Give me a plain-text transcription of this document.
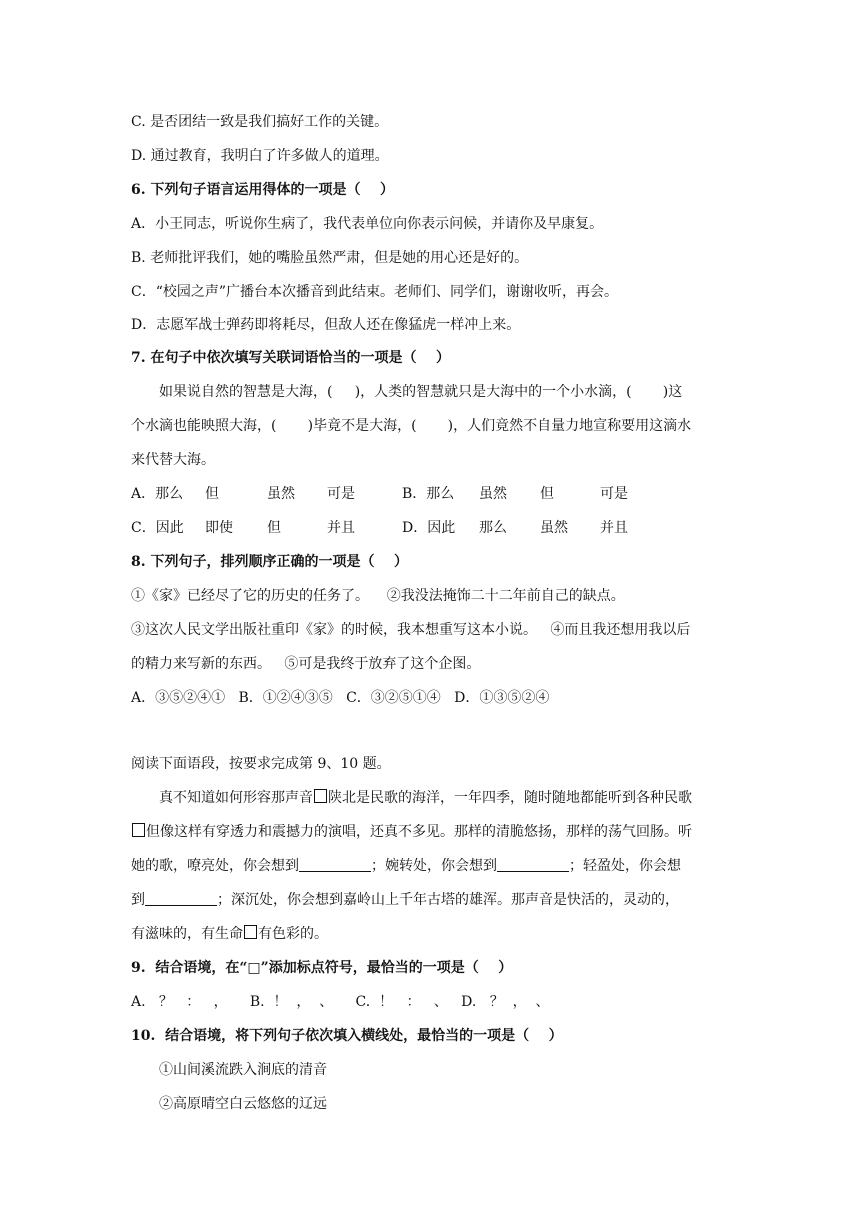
C. 是否团结一致是我们搞好工作的关键。
D. 通过教育，我明白了许多做人的道理。
6. 下列句子语言运用得体的一项是（    ）
A．小王同志，听说你生病了，我代表单位向你表示问候，并请你及早康复。
B. 老师批评我们，她的嘴脸虽然严肃，但是她的用心还是好的。
C．“校园之声”广播台本次播音到此结束。老师们、同学们，谢谢收听，再会。
D．志愿军战士弹药即将耗尽，但敌人还在像猛虎一样冲上来。
7. 在句子中依次填写关联词语恰当的一项是（    ）
如果说自然的智慧是大海，(     )，人类的智慧就只是大海中的一个小水滴，(       )这
个水滴也能映照大海，(       )毕竟不是大海，(       )，人们竟然不自量力地宣称要用这滴水
来代替大海。
A．那么 但	虽然 可是	B．那么 虽然 但	可是
C．因此 即使 但	并且	D．因此 那么 虽然 并且
8. 下列句子，排列顺序正确的一项是（    ）
①《家》已经尽了它的历史的任务了。    ②我没法掩饰二十二年前自己的缺点。
③这次人民文学出版社重印《家》的时候，我本想重写这本小说。   ④而且我还想用我以后
的精力来写新的东西。   ⑤可是我终于放弃了这个企图。
A．③⑤②④①   B．①②④③⑤   C．③②⑤①④   D．①③⑤②④
阅读下面语段，按要求完成第 9、10 题。
真不知道如何形容那声音 陕北是民歌的海洋，一年四季，随时随地都能听到各种民歌
但像这样有穿透力和震撼力的演唱，还真不多见。那样的清脆悠扬，那样的荡气回肠。听
她的歌，嘹亮处，你会想到	；婉转处，你会想到	；轻盈处，你会想
到	；深沉处，你会想到嘉岭山上千年古塔的雄浑。那声音是快活的，灵动的，
有滋味的，有生命 有色彩的。
9.  结合语境，在“□”添加标点符号，最恰当的一项是（    ）
A.   ？   ：   ，     B.  ！  ，  、     C.  ！   ：   、   D.   ？  ，  、
10.  结合语境，将下列句子依次填入横线处，最恰当的一项是（    ）
①山间溪流跌入涧底的清音
②高原晴空白云悠悠的辽远
